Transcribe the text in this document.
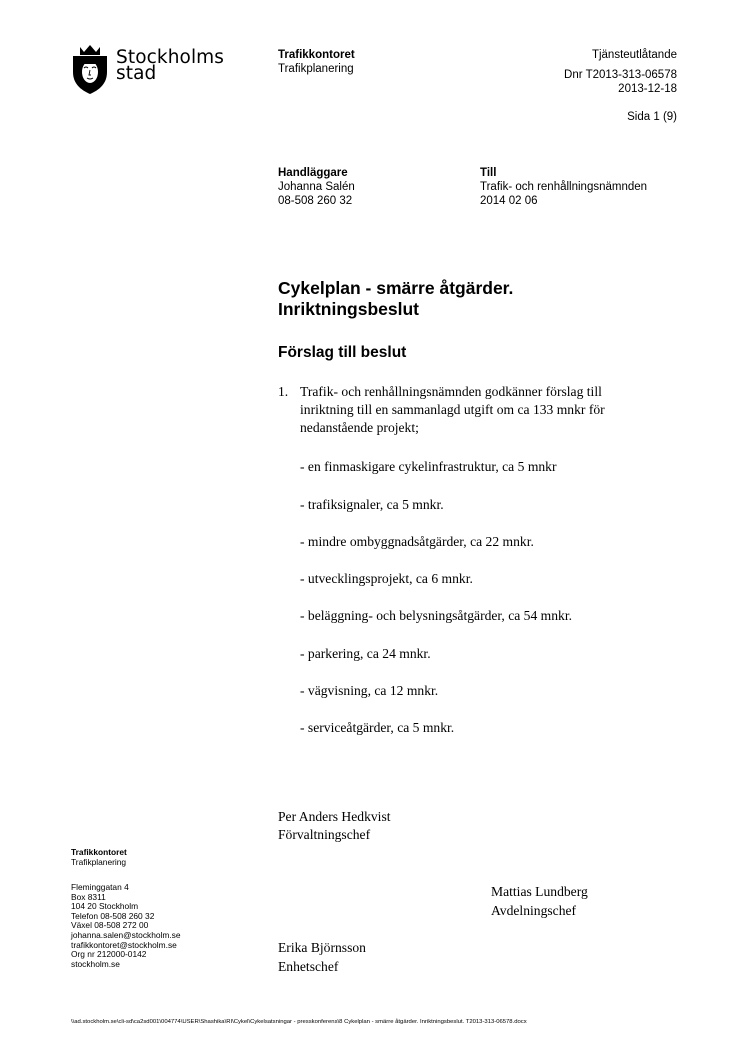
Stockholms
stad
Trafikkontoret
Trafikplanering
Tjänsteutlåtande
Dnr T2013-313-06578
2013-12-18
Sida 1 (9)
Handläggare
Johanna Salén
08-508 260 32
Till
Trafik- och renhållningsnämnden
2014 02 06
Cykelplan - smärre åtgärder.
Inriktningsbeslut
Förslag till beslut
1. Trafik- och renhållningsnämnden godkänner förslag till
inriktning till en sammanlagd utgift om ca 133 mnkr för
nedanstående projekt;
- en finmaskigare cykelinfrastruktur, ca 5 mnkr
- trafiksignaler, ca 5 mnkr.
- mindre ombyggnadsåtgärder, ca 22 mnkr.
- utvecklingsprojekt, ca 6 mnkr.
- beläggning- och belysningsåtgärder, ca 54 mnkr.
- parkering, ca 24 mnkr.
- vägvisning, ca 12 mnkr.
- serviceåtgärder, ca 5 mnkr.
Per Anders Hedkvist
Förvaltningschef
Mattias Lundberg
Avdelningschef
Erika Björnsson
Enhetschef
Trafikkontoret
Trafikplanering
Fleminggatan 4
Box 8311
104 20 Stockholm
Telefon 08-508 260 32
Växel 08-508 272 00
johanna.salen@stockholm.se
trafikkontoret@stockholm.se
Org nr 212000-0142
stockholm.se
\\ad.stockholm.se\cli-sd\ca2sd001\004774\USER\Shashika\RI\Cykel\Cykelsatsningar - presskonferens\8 Cykelplan - smärre åtgärder. Inriktningsbeslut. T2013-313-06578.docx
